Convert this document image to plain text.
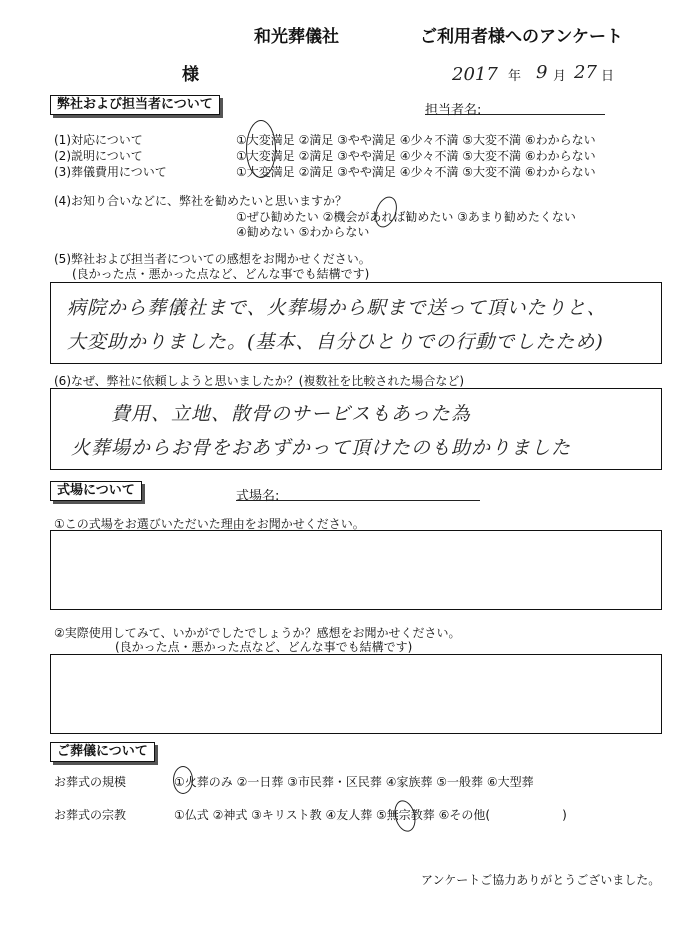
和光葬儀社	ご利用者様へのアンケート
様	2017 年 9 月 27 日
弊社および担当者について	担当者名:
(1)対応について	①大変満足 ②満足 ③やや満足 ④少々不満 ⑤大変不満 ⑥わからない
(2)説明について	①大変満足 ②満足 ③やや満足 ④少々不満 ⑤大変不満 ⑥わからない
(3)葬儀費用について	①大変満足 ②満足 ③やや満足 ④少々不満 ⑤大変不満 ⑥わからない
(4)お知り合いなどに、弊社を勧めたいと思いますか？
①ぜひ勧めたい ②機会があれば勧めたい ③あまり勧めたくない
④勧めない ⑤わからない
(5)弊社および担当者についての感想をお聞かせください。
(良かった点・悪かった点など、どんな事でも結構です)
病院から葬儀社まで、火葬場から駅まで送って頂いたりと、
大変助かりました。(基本、自分ひとりでの行動でしたため)
(6)なぜ、弊社に依頼しようと思いましたか？(複数社を比較された場合など)
費用、立地、散骨のサービスもあった為
火葬場からお骨をおあずかって頂けたのも助かりました
式場について	式場名:
①この式場をお選びいただいた理由をお聞かせください。
②実際使用してみて、いかがでしたでしょうか？感想をお聞かせください。
(良かった点・悪かった点など、どんな事でも結構です)
ご葬儀について
お葬式の規模	①火葬のみ ②一日葬 ③市民葬・区民葬 ④家族葬 ⑤一般葬 ⑥大型葬
お葬式の宗教	①仏式 ②神式 ③キリスト教 ④友人葬 ⑤無宗教葬 ⑥その他(　　　　　　)
アンケートご協力ありがとうございました。
